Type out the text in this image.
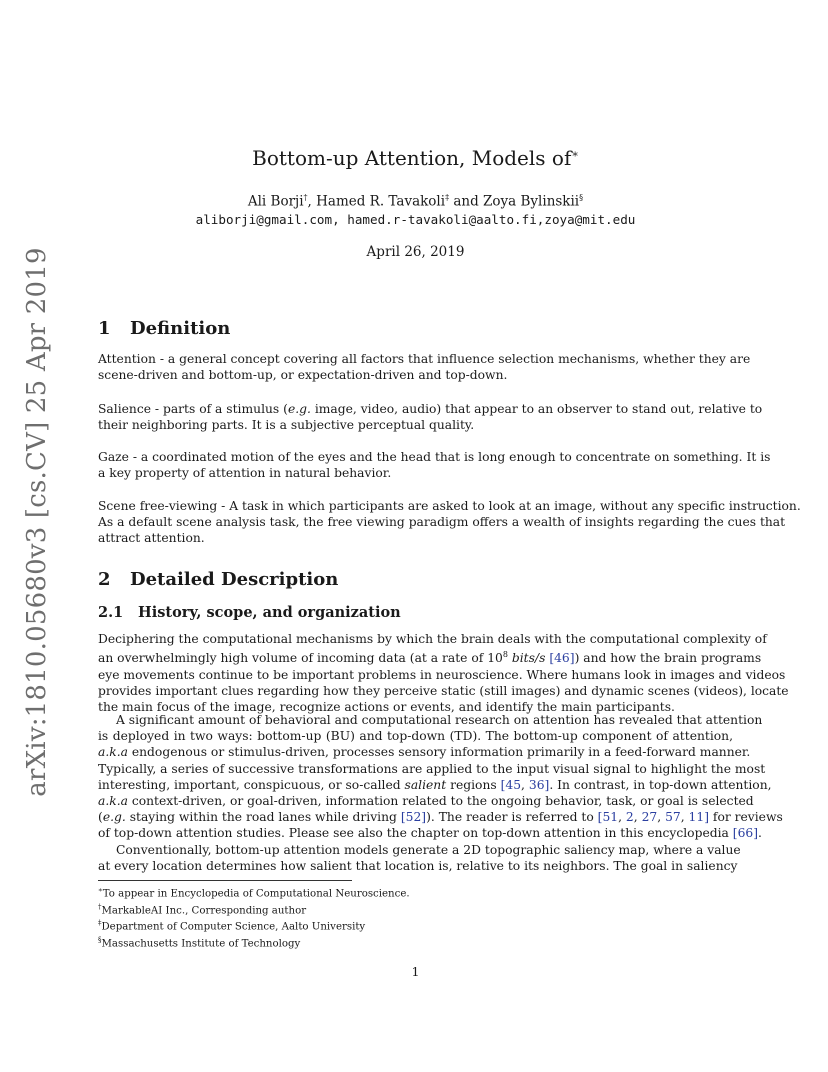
arXiv:1810.05680v3 [cs.CV] 25 Apr 2019
Bottom-up Attention, Models of∗
Ali Borji†, Hamed R. Tavakoli‡ and Zoya Bylinskii§
aliborji@gmail.com, hamed.r-tavakoli@aalto.fi,zoya@mit.edu
April 26, 2019
1 Definition
Attention - a general concept covering all factors that influence selection mechanisms, whether they are
scene-driven and bottom-up, or expectation-driven and top-down.
Salience - parts of a stimulus (e.g. image, video, audio) that appear to an observer to stand out, relative to
their neighboring parts. It is a subjective perceptual quality.
Gaze - a coordinated motion of the eyes and the head that is long enough to concentrate on something. It is
a key property of attention in natural behavior.
Scene free-viewing - A task in which participants are asked to look at an image, without any specific instruction.
As a default scene analysis task, the free viewing paradigm offers a wealth of insights regarding the cues that
attract attention.
2 Detailed Description
2.1 History, scope, and organization
Deciphering the computational mechanisms by which the brain deals with the computational complexity of
an overwhelmingly high volume of incoming data (at a rate of $10^8$ bits/s [46]) and how the brain programs
eye movements continue to be important problems in neuroscience. Where humans look in images and videos
provides important clues regarding how they perceive static (still images) and dynamic scenes (videos), locate
the main focus of the image, recognize actions or events, and identify the main participants.
A significant amount of behavioral and computational research on attention has revealed that attention
is deployed in two ways: bottom-up (BU) and top-down (TD). The bottom-up component of attention,
a.k.a endogenous or stimulus-driven, processes sensory information primarily in a feed-forward manner.
Typically, a series of successive transformations are applied to the input visual signal to highlight the most
interesting, important, conspicuous, or so-called salient regions [45, 36]. In contrast, in top-down attention,
a.k.a context-driven, or goal-driven, information related to the ongoing behavior, task, or goal is selected
(e.g. staying within the road lanes while driving [52]). The reader is referred to [51, 2, 27, 57, 11] for reviews
of top-down attention studies. Please see also the chapter on top-down attention in this encyclopedia [66].
Conventionally, bottom-up attention models generate a 2D topographic saliency map, where a value
at every location determines how salient that location is, relative to its neighbors. The goal in saliency
∗To appear in Encyclopedia of Computational Neuroscience.
†MarkableAI Inc., Corresponding author
‡Department of Computer Science, Aalto University
§Massachusetts Institute of Technology
1
